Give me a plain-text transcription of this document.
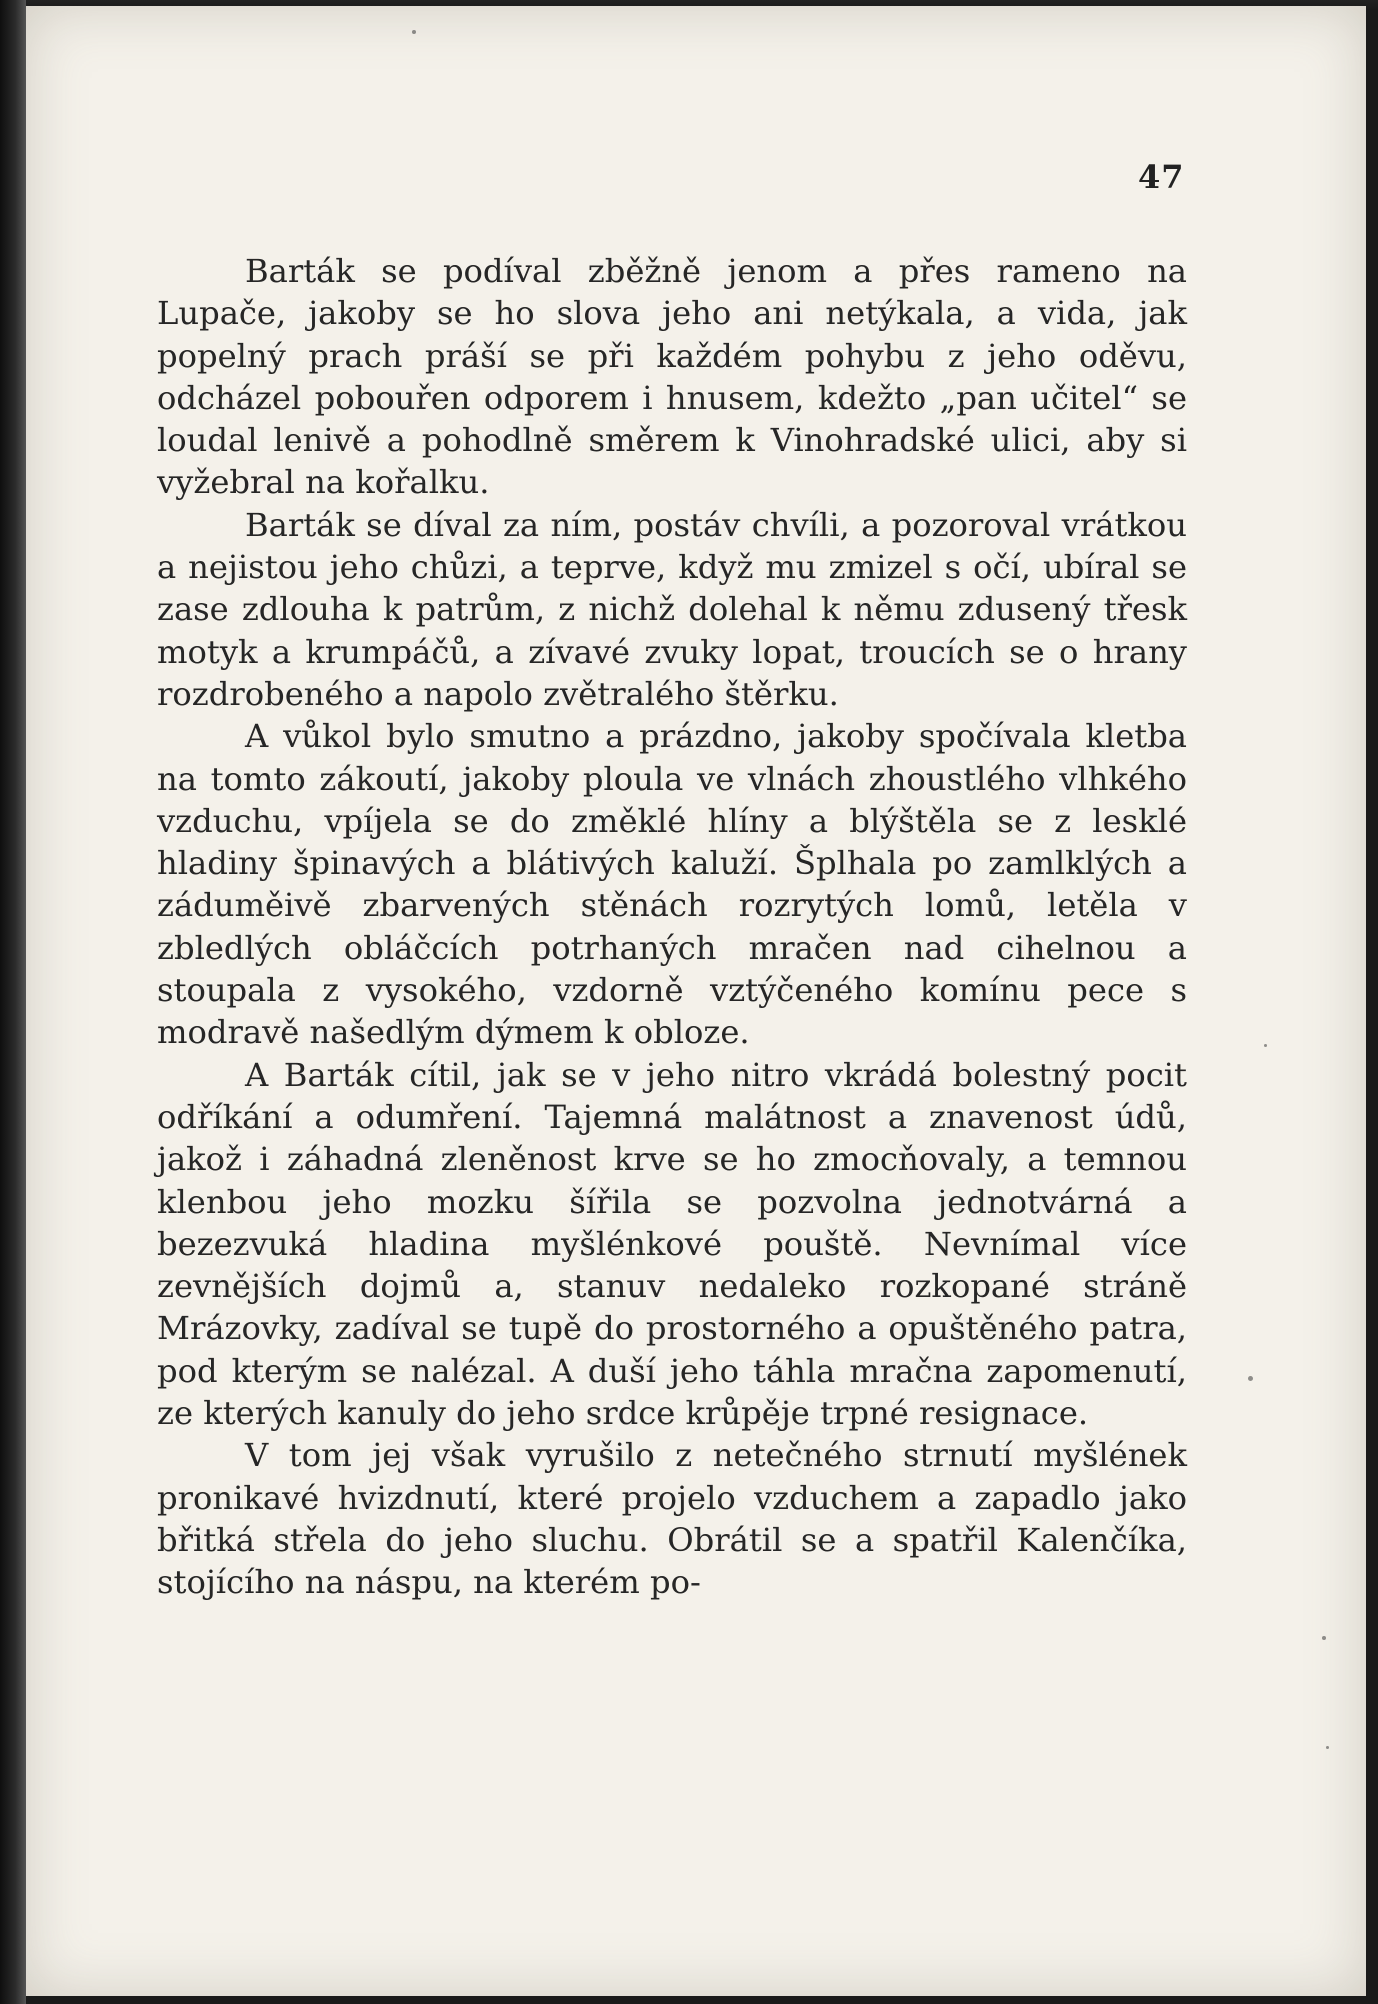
47

Barták se podíval zběžně jenom a přes rameno na Lupače, jakoby se ho slova jeho ani netýkala, a vida, jak popelný prach práší se při každém pohybu z jeho oděvu, odcházel pobouřen odporem i hnusem, kdežto „pan učitel“ se loudal lenivě a pohodlně směrem k Vinohradské ulici, aby si vyžebral na kořalku.

Barták se díval za ním, postáv chvíli, a pozoroval vrátkou a nejistou jeho chůzi, a teprve, když mu zmizel s očí, ubíral se zase zdlouha k patrům, z nichž dolehal k němu zdusený třesk motyk a krumpáčů, a zívavé zvuky lopat, troucích se o hrany rozdrobeného a napolo zvětralého štěrku.

A vůkol bylo smutno a prázdno, jakoby spočívala kletba na tomto zákoutí, jakoby ploula ve vlnách zhoustlého vlhkého vzduchu, vpíjela se do změklé hlíny a blýštěla se z lesklé hladiny špinavých a blátivých kaluží. Šplhala po zamlklých a záduměivě zbarvených stěnách rozrytých lomů, letěla v zbledlých obláčcích potrhaných mračen nad cihelnou a stoupala z vysokého, vzdorně vztýčeného komínu pece s modravě našedlým dýmem k obloze.

A Barták cítil, jak se v jeho nitro vkrádá bolestný pocit odříkání a odumření. Tajemná malátnost a znavenost údů, jakož i záhadná zleněnost krve se ho zmocňovaly, a temnou klenbou jeho mozku šířila se pozvolna jednotvárná a bezezvuká hladina myšlénkové pouště. Nevnímal více zevnějších dojmů a, stanuv nedaleko rozkopané stráně Mrázovky, zadíval se tupě do prostorného a opuštěného patra, pod kterým se nalézal. A duší jeho táhla mračna zapomenutí, ze kterých kanuly do jeho srdce krůpěje trpné resignace.

V tom jej však vyrušilo z netečného strnutí myšlének pronikavé hvizdnutí, které projelo vzduchem a zapadlo jako břitká střela do jeho sluchu. Obrátil se a spatřil Kalenčíka, stojícího na náspu, na kterém po-
